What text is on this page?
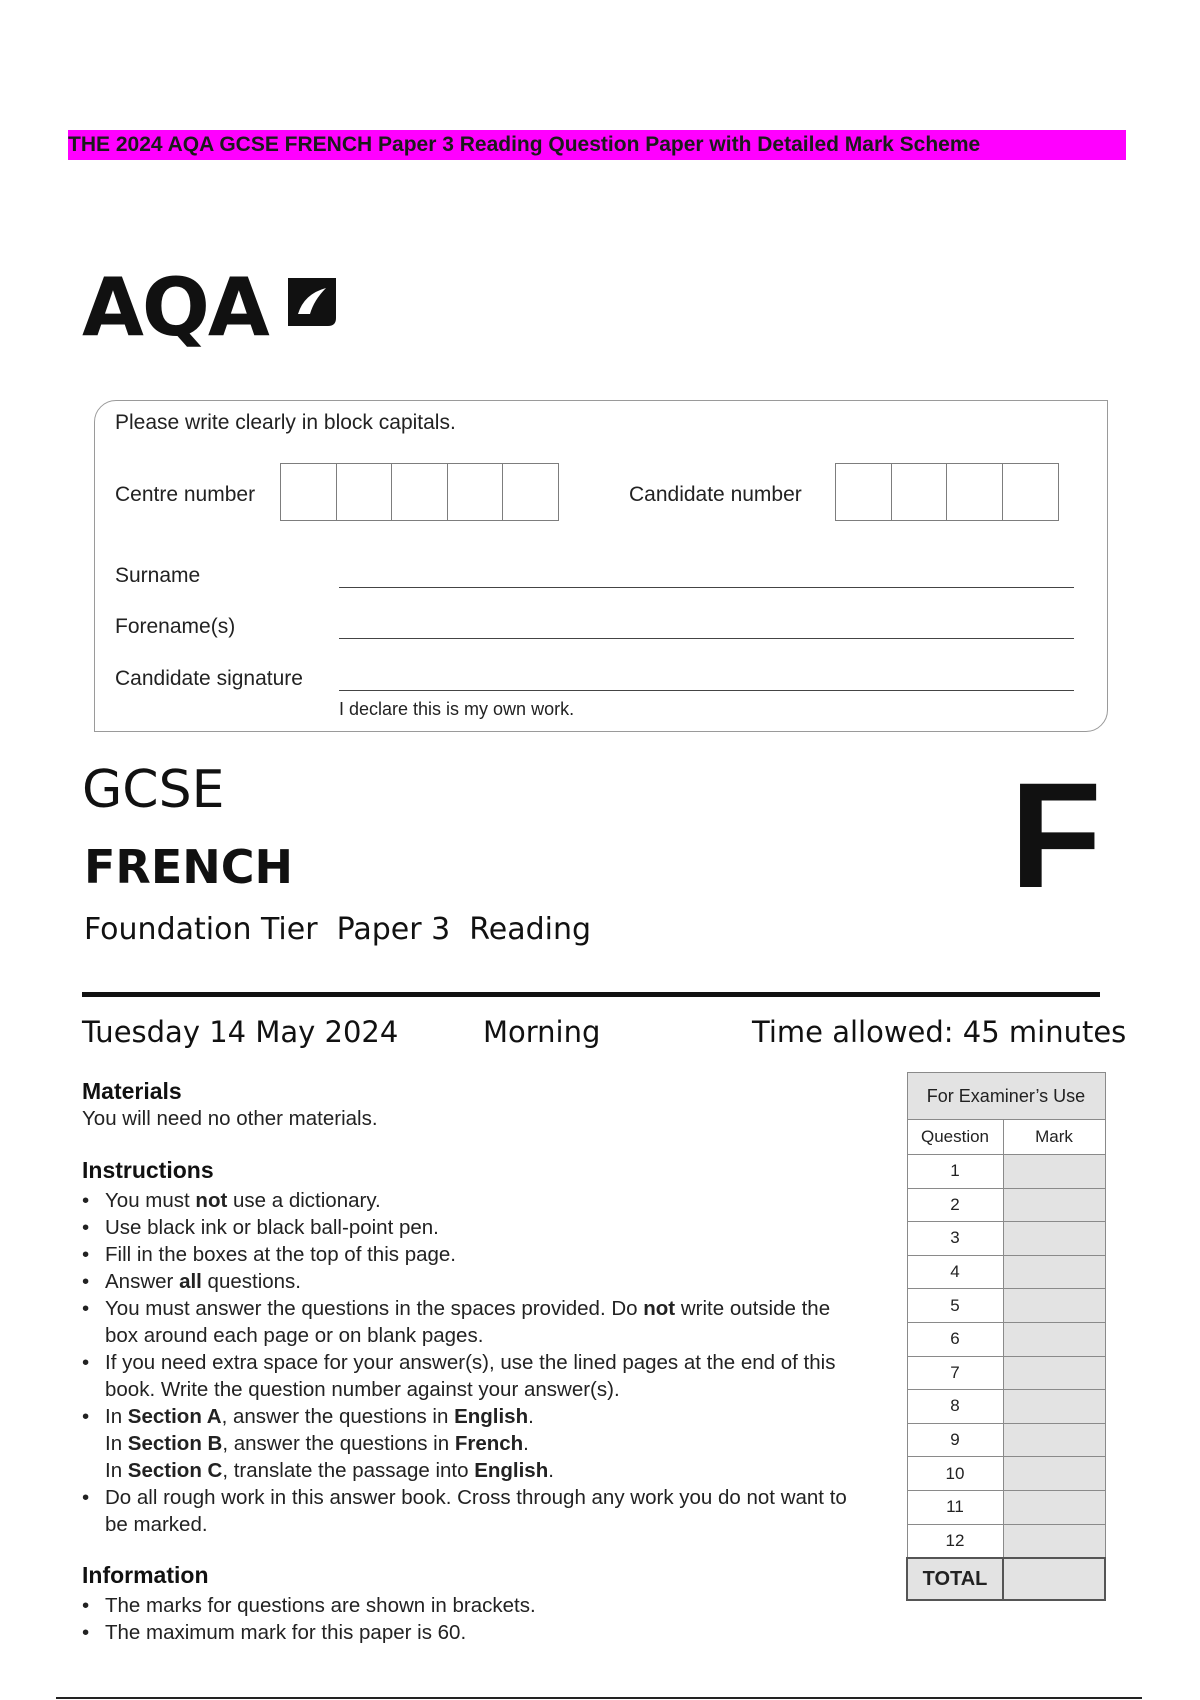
THE 2024 AQA GCSE FRENCH Paper 3 Reading Question Paper with Detailed Mark Scheme
AQA
Please write clearly in block capitals.
Centre number	Candidate number
Surname
Forename(s)
Candidate signature
I declare this is my own work.
GCSE
FRENCH
Foundation Tier  Paper 3  Reading
F
Tuesday 14 May 2024	Morning	Time allowed: 45 minutes
Materials

You will need no other materials.

Instructions
• You must not use a dictionary.
• Use black ink or black ball-point pen.
• Fill in the boxes at the top of this page.
• Answer all questions.
• You must answer the questions in the spaces provided. Do not write outside the box around each page or on blank pages.
• If you need extra space for your answer(s), use the lined pages at the end of this book. Write the question number against your answer(s).
• In Section A, answer the questions in English.
In Section B, answer the questions in French.
In Section C, translate the passage into English.
• Do all rough work in this answer book. Cross through any work you do not want to be marked.
Information
• The marks for questions are shown in brackets.
• The maximum mark for this paper is 60.
For Examiner’s Use	
Question	Mark
1	
2	
3	
4	
5	
6	
7	
8	
9	
10	
11	
12	
TOTAL	
